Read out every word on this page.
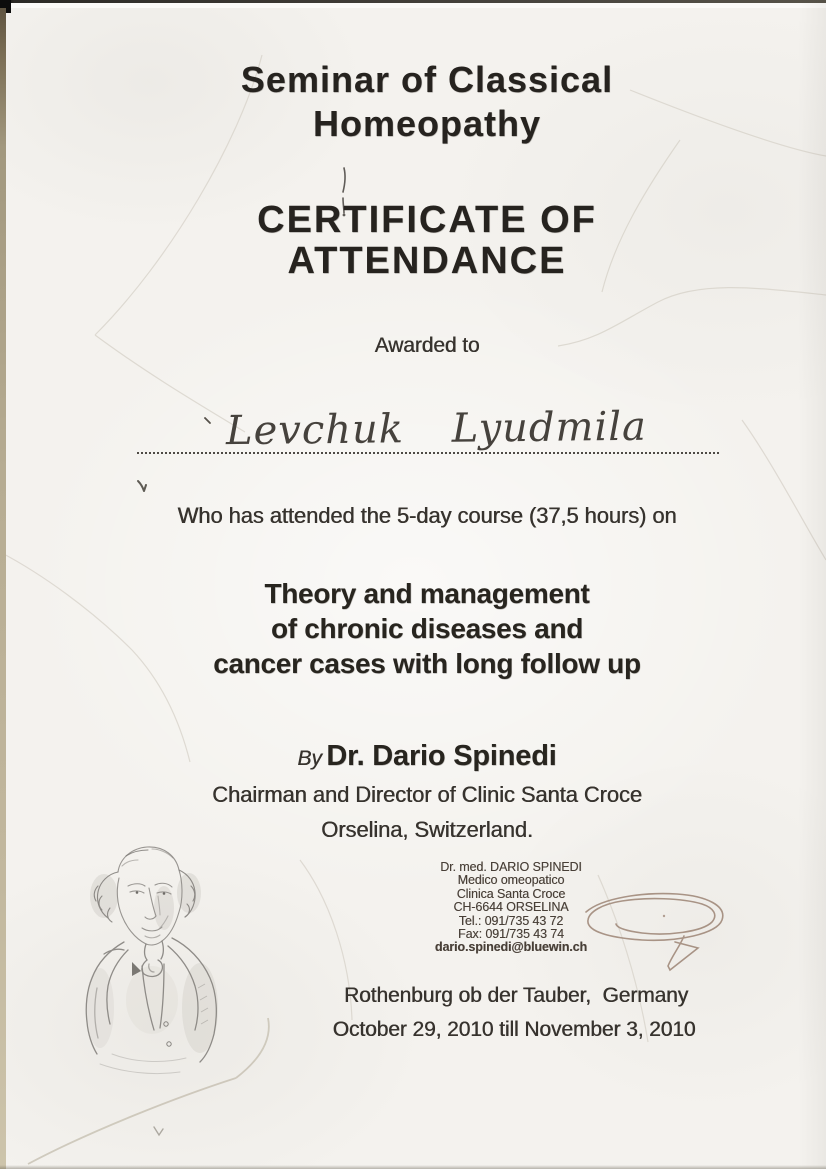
Seminar of Classical
Homeopathy
CERTIFICATE OF
ATTENDANCE
Awarded to
Levchuk Lyudmila
Who has attended the 5-day course (37,5 hours) on
Theory and management
of chronic diseases and
cancer cases with long follow up
By Dr. Dario Spinedi
Chairman and Director of Clinic Santa Croce
Orselina, Switzerland.
Dr. med. DARIO SPINEDI
Medico omeopatico
Clinica Santa Croce
CH-6644 ORSELINA
Tel.: 091/735 43 72
Fax: 091/735 43 74
dario.spinedi@bluewin.ch
Rothenburg ob der Tauber,  Germany
October 29, 2010 till November 3, 2010
